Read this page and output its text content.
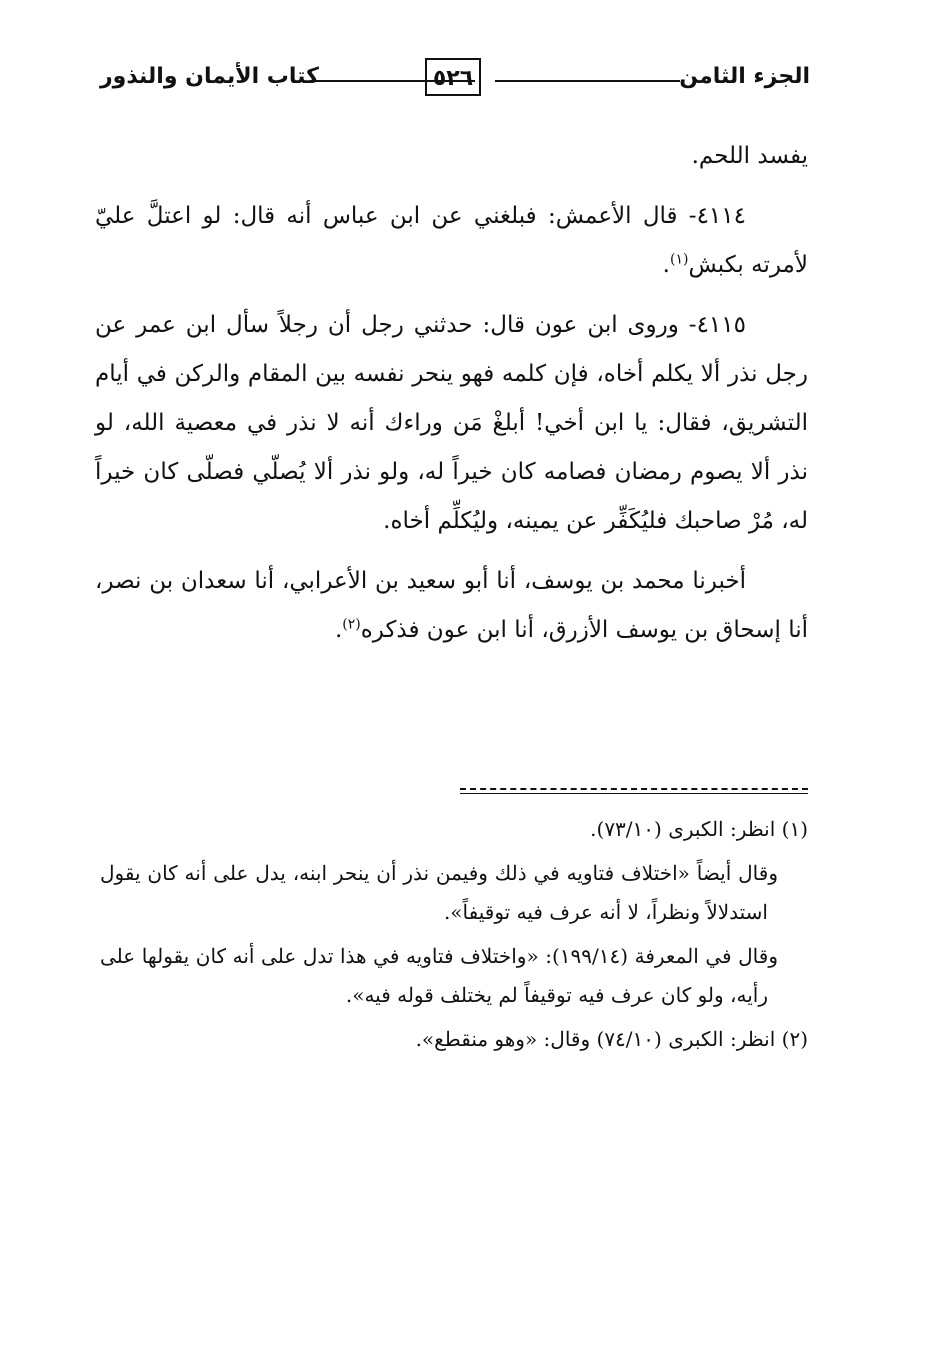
الجزء الثامن
٥٢٦
كتاب الأيمان والنذور

يفسد اللحم.

٤١١٤- قال الأعمش: فبلغني عن ابن عباس أنه قال: لو اعتلَّ عليّ لأمرته بكبش$^{(١)}$.

٤١١٥- وروى ابن عون قال: حدثني رجل أن رجلاً سأل ابن عمر عن رجل نذر ألا يكلم أخاه، فإن كلمه فهو ينحر نفسه بين المقام والركن في أيام التشريق، فقال: يا ابن أخي! أبلغْ مَن وراءك أنه لا نذر في معصية الله، لو نذر ألا يصوم رمضان فصامه كان خيراً له، ولو نذر ألا يُصلّي فصلّى كان خيراً له، مُرْ صاحبك فليُكَفِّر عن يمينه، وليُكلِّم أخاه.

أخبرنا محمد بن يوسف، أنا أبو سعيد بن الأعرابي، أنا سعدان بن نصر، أنا إسحاق بن يوسف الأزرق، أنا ابن عون فذكره$^{(٢)}$.

(١) انظر: الكبرى (٧٣/١٠).

وقال أيضاً «اختلاف فتاويه في ذلك وفيمن نذر أن ينحر ابنه، يدل على أنه كان يقول استدلالاً ونظراً، لا أنه عرف فيه توقيفاً».

وقال في المعرفة (١٩٩/١٤): «واختلاف فتاويه في هذا تدل على أنه كان يقولها على رأيه، ولو كان عرف فيه توقيفاً لم يختلف قوله فيه».

(٢) انظر: الكبرى (٧٤/١٠) وقال: «وهو منقطع».
